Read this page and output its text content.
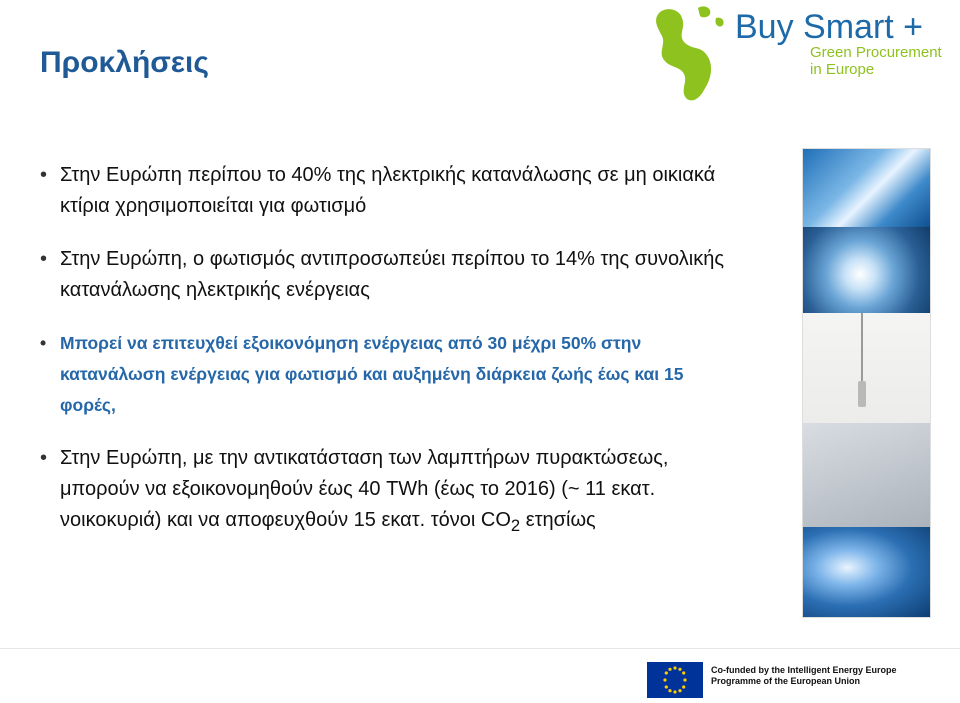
Προκλήσεις
Buy Smart +
Green Procurement
in Europe
• Στην Ευρώπη περίπου το 40% της ηλεκτρικής κατανάλωσης σε μη οικιακά κτίρια χρησιμοποιείται για φωτισμό
• Στην Ευρώπη, ο φωτισμός αντιπροσωπεύει περίπου το 14% της συνολικής κατανάλωσης ηλεκτρικής ενέργειας
• Μπορεί να επιτευχθεί εξοικονόμηση ενέργειας από 30 μέχρι 50% στην κατανάλωση ενέργειας για φωτισμό και αυξημένη διάρκεια ζωής έως και 15 φορές,
• Στην Ευρώπη, με την αντικατάσταση των λαμπτήρων πυρακτώσεως, μπορούν να εξοικονομηθούν έως 40 TWh (έως το 2016) (~ 11 εκατ. νοικοκυριά) και να αποφευχθούν 15 εκατ. τόνοι $CO_2$ ετησίως
Co-funded by the Intelligent Energy Europe
Programme of the European Union
